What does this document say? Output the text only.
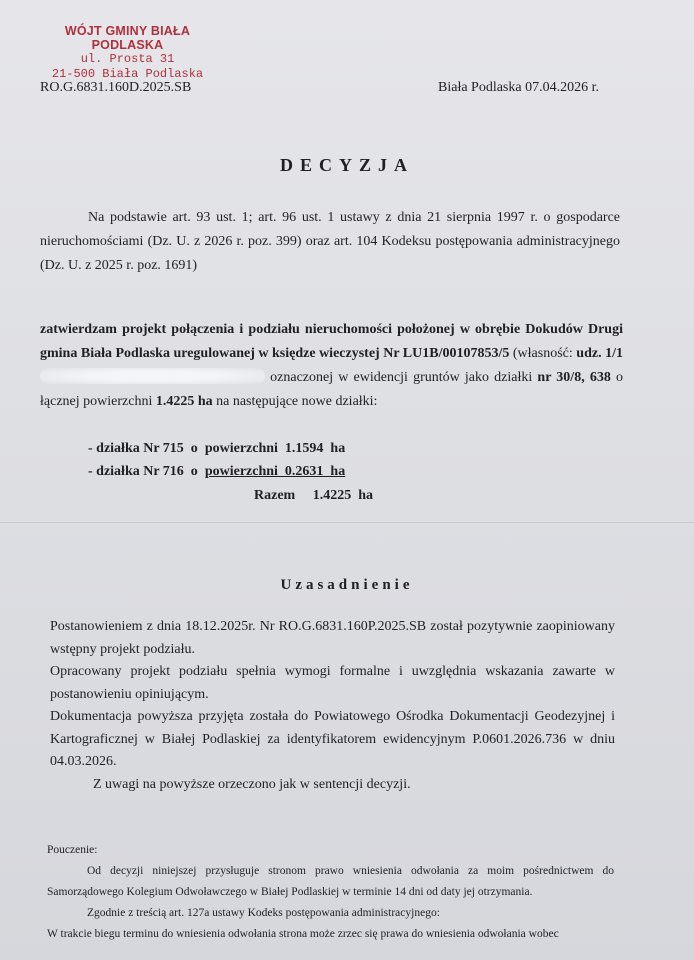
WÓJT GMINY BIAŁA PODLASKA
ul. Prosta 31
21-500 Biała Podlaska
RO.G.6831.160D.2025.SB	Biała Podlaska 07.04.2026 r.
DECYZJA

Na podstawie art. 93 ust. 1; art. 96 ust. 1 ustawy z dnia 21 sierpnia 1997 r. o gospodarce nieruchomościami (Dz. U. z 2026 r. poz. 399) oraz art. 104 Kodeksu postępowania administracyjnego (Dz. U. z 2025 r. poz. 1691)

zatwierdzam projekt połączenia i podziału nieruchomości położonej w obrębie Dokudów Drugi gmina Biała Podlaska uregulowanej w księdze wieczystej Nr LU1B/00107853/5 (własność: udz. 1/1  oznaczonej w ewidencji gruntów jako działki nr 30/8, 638 o łącznej powierzchni 1.4225 ha na następujące nowe działki:

- działka Nr 715  o  powierzchni  1.1594  ha
- działka Nr 716  o  powierzchni  0.2631  ha
Razem     1.4225  ha
Uzasadnienie

Postanowieniem z dnia 18.12.2025r. Nr RO.G.6831.160P.2025.SB został pozytywnie zaopiniowany wstępny projekt podziału.

Opracowany projekt podziału spełnia wymogi formalne i uwzględnia wskazania zawarte w postanowieniu opiniującym.

Dokumentacja powyższa przyjęta została do Powiatowego Ośrodka Dokumentacji Geodezyjnej i Kartograficznej w Białej Podlaskiej za identyfikatorem ewidencyjnym P.0601.2026.736 w dniu 04.03.2026.

Z uwagi na powyższe orzeczono jak w sentencji decyzji.

Pouczenie:

Od decyzji niniejszej przysługuje stronom prawo wniesienia odwołania za moim pośrednictwem do Samorządowego Kolegium Odwoławczego w Białej Podlaskiej w terminie 14 dni od daty jej otrzymania.

Zgodnie z treścią art. 127a ustawy Kodeks postępowania administracyjnego:

W trakcie biegu terminu do wniesienia odwołania strona może zrzec się prawa do wniesienia odwołania wobec
